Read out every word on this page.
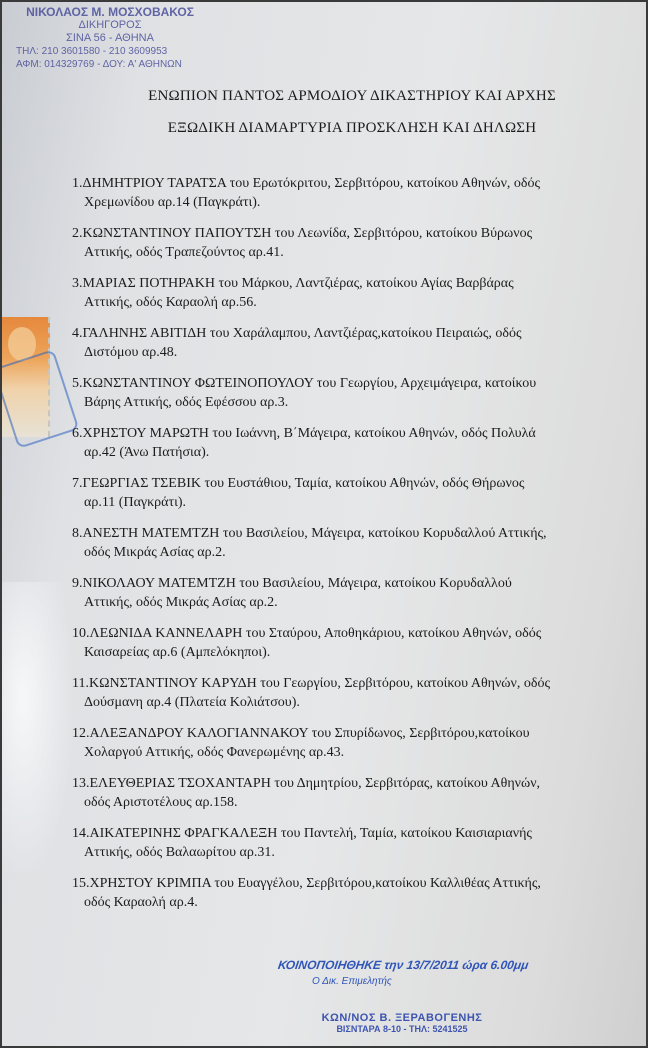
ΝΙΚΟΛΑΟΣ Μ. ΜΟΣΧΟΒΑΚΟΣ
ΔΙΚΗΓΟΡΟΣ
ΣΙΝΑ 56 - ΑΘΗΝΑ
ΤΗΛ: 210 3601580 - 210 3609953
ΑΦΜ: 014329769 - ΔΟΥ: Α' ΑΘΗΝΩΝ
ΕΝΩΠΙΟΝ ΠΑΝΤΟΣ ΑΡΜΟΔΙΟΥ ΔΙΚΑΣΤΗΡΙΟΥ ΚΑΙ ΑΡΧΗΣ
ΕΞΩΔΙΚΗ ΔΙΑΜΑΡΤΥΡΙΑ ΠΡΟΣΚΛΗΣΗ ΚΑΙ ΔΗΛΩΣΗ
1.ΔΗΜΗΤΡΙΟΥ ΤΑΡΑΤΣΑ του Ερωτόκριτου, Σερβιτόρου, κατοίκου Αθηνών, οδός
Χρεμωνίδου αρ.14 (Παγκράτι).
2.ΚΩΝΣΤΑΝΤΙΝΟΥ ΠΑΠΟΥΤΣΗ του Λεωνίδα, Σερβιτόρου, κατοίκου Βύρωνος
Αττικής, οδός Τραπεζούντος αρ.41.
3.ΜΑΡΙΑΣ ΠΟΤΗΡΑΚΗ του Μάρκου, Λαντζιέρας, κατοίκου Αγίας Βαρβάρας
Αττικής, οδός Καραολή αρ.56.
4.ΓΑΛΗΝΗΣ ΑΒΙΤΙΔΗ του Χαράλαμπου, Λαντζιέρας,κατοίκου Πειραιώς, οδός
Διστόμου αρ.48.
5.ΚΩΝΣΤΑΝΤΙΝΟΥ ΦΩΤΕΙΝΟΠΟΥΛΟΥ του Γεωργίου, Αρχειμάγειρα, κατοίκου
Βάρης Αττικής, οδός Εφέσσου αρ.3.
6.ΧΡΗΣΤΟΥ ΜΑΡΩΤΗ του Ιωάννη, Β΄Μάγειρα, κατοίκου Αθηνών, οδός Πολυλά
αρ.42 (Άνω Πατήσια).
7.ΓΕΩΡΓΙΑΣ ΤΣΕΒΙΚ του Ευστάθιου, Ταμία, κατοίκου Αθηνών, οδός Θήρωνος
αρ.11 (Παγκράτι).
8.ΑΝΕΣΤΗ ΜΑΤΕΜΤΖΗ του Βασιλείου, Μάγειρα, κατοίκου Κορυδαλλού Αττικής,
οδός Μικράς Ασίας αρ.2.
9.ΝΙΚΟΛΑΟΥ ΜΑΤΕΜΤΖΗ του Βασιλείου, Μάγειρα, κατοίκου Κορυδαλλού
Αττικής, οδός Μικράς Ασίας αρ.2.
10.ΛΕΩΝΙΔΑ ΚΑΝΝΕΛΑΡΗ του Σταύρου, Αποθηκάριου, κατοίκου Αθηνών, οδός
Καισαρείας αρ.6 (Αμπελόκηποι).
11.ΚΩΝΣΤΑΝΤΙΝΟΥ ΚΑΡΥΔΗ του Γεωργίου, Σερβιτόρου, κατοίκου Αθηνών, οδός
Δούσμανη αρ.4 (Πλατεία Κολιάτσου).
12.ΑΛΕΞΑΝΔΡΟΥ ΚΑΛΟΓΙΑΝΝΑΚΟΥ του Σπυρίδωνος, Σερβιτόρου,κατοίκου
Χολαργού Αττικής, οδός Φανερωμένης αρ.43.
13.ΕΛΕΥΘΕΡΙΑΣ ΤΣΟΧΑΝΤΑΡΗ του Δημητρίου, Σερβιτόρας, κατοίκου Αθηνών,
οδός Αριστοτέλους αρ.158.
14.ΑΙΚΑΤΕΡΙΝΗΣ ΦΡΑΓΚΑΛΕΞΗ του Παντελή, Ταμία, κατοίκου Καισιαριανής
Αττικής, οδός Βαλαωρίτου αρ.31.
15.ΧΡΗΣΤΟΥ ΚΡΙΜΠΑ του Ευαγγέλου, Σερβιτόρου,κατοίκου Καλλιθέας Αττικής,
οδός Καραολή αρ.4.
ΚΟΙΝΟΠΟΙΗΘΗΚΕ την 13/7/2011 ώρα 6.00μμ
Ο Δικ. Επιμελητής
ΚΩΝ/ΝΟΣ Β. ΞΕΡΑΒΟΓΕΝΗΣ
ΒΙΣΝΤΑΡΑ 8-10 - ΤΗΛ: 5241525
